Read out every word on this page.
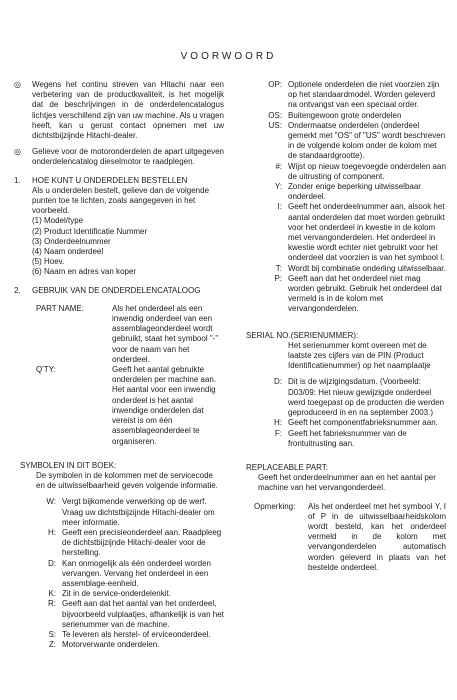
VOORWOORD
◎	Wegens het continu streven van Hitachi naar een verbetering van de productkwaliteit, is het mogelijk dat de beschrijvingen in de onderdelencatalogus lichtjes verschillend zijn van uw machine. Als u vragen heeft, kan u gerust contact opnemen met uw dichtstbijzijnde Hitachi-dealer.
◎	Gelieve voor de motoronderdelen de apart uitgegeven onderdelencatalog dieselmotor te raadplegen.
1.	HOE KUNT U ONDERDELEN BESTELLEN
Als u onderdelen bestelt, gelieve dan de volgende punten toe te lichten, zoals aangegeven in het voorbeeld.
(1) Model/type
(2) Product Identificatie Nummer
(3) Onderdeelnummer
(4) Naam onderdeel
(5) Hoev.
(6) Naam en adres van koper
2.	GEBRUIK VAN DE ONDERDELENCATALOOG
PART NAME:	Als het onderdeel als een inwendig onderdeel van een assemblageonderdeel wordt gebruikt, staat het symbool "-" voor de naam van het onderdeel.
Q'TY:	Geeft het aantal gebruikte onderdelen per machine aan. Het aantal voor een inwendig onderdeel is het aantal inwendige onderdelen dat vereist is om één assemblageonderdeel te organiseren.
SYMBOLEN IN DIT BOEK:
De symbolen in de kolommen met de servicecode en de uitwisselbaarheid geven volgende informatie.
W: Vergt bijkomende verwerking op de werf. Vraag uw dichtstbijzijnde Hitachi-dealer om meer informatie.
H: Geeft een precisieonderdeel aan. Raadpleeg de dichtstbijzijnde Hitachi-dealer voor de herstelling.
D: Kan onmogelijk als één onderdeel worden vervangen. Vervang het onderdeel in een assemblage-eenheid.
K: Zit in de service-onderdelenkit.
R: Geeft aan dat het aantal van het onderdeel, bijvoorbeeld vulplaatjes, afhankelijk is van het serienummer van de machine.
S: Te leveren als herstel- of erviceonderdeel.
Z: Motorverwante onderdelen.
OP: Optionele onderdelen die niet voorzien zijn op het standaardmodel. Worden geleverd na ontvangst van een speciaal order.
OS: Buitengewoon grote onderdelen
US: Ondermaatse onderdelen (onderdeel gemerkt met "OS" of "US" wordt beschreven in de volgende kolom onder de kolom met de standaardgrootte).
#: Wijst op nieuw toegevoegde onderdelen aan de uitrusting of component.
Y: Zonder enige beperking uitwisselbaar onderdeel.
I: Geeft het onderdeelnummer aan, alsook het aantal onderdelen dat moet worden gebruikt voor het onderdeel in kwestie in de kolom met vervangonderdelen. Het onderdeel in kwestie wordt echter niet gebruikt voor het onderdeel dat voorzien is van het symbool I.
T: Wordt bij combinatie onderling uitwisselbaar.
P: Geeft aan dat het onderdeel niet mag worden gebruikt. Gebruik het onderdeel dat vermeld is in de kolom met vervangonderdelen.
SERIAL NO.(SERIENUMMER):
Het serienummer komt overeen met de laatste zes cijfers van de PIN (Product Identificatienummer) op het naamplaatje
D: Dit is de wijzigingsdatum. (Voorbeeld: D03/09: Het nieuw gewijzigde onderdeel werd toegepast op de producten die werden geproduceerd in en na september 2003.)
H: Geeft het componentfabrieksnummer aan.
F: Geeft het fabrieksnummer van de frontuitrusting aan.
REPLACEABLE PART:
Geeft het onderdeelnummer aan en het aantal per machine van het vervangonderdeel.
Opmerking:	Als het onderdeel met het symbool Y, I of P in de uitwisselbaarheidskolom wordt besteld, kan het onderdeel vermeld in de kolom met vervangonderdelen automatisch worden geleverd in plaats van het bestelde onderdeel.
